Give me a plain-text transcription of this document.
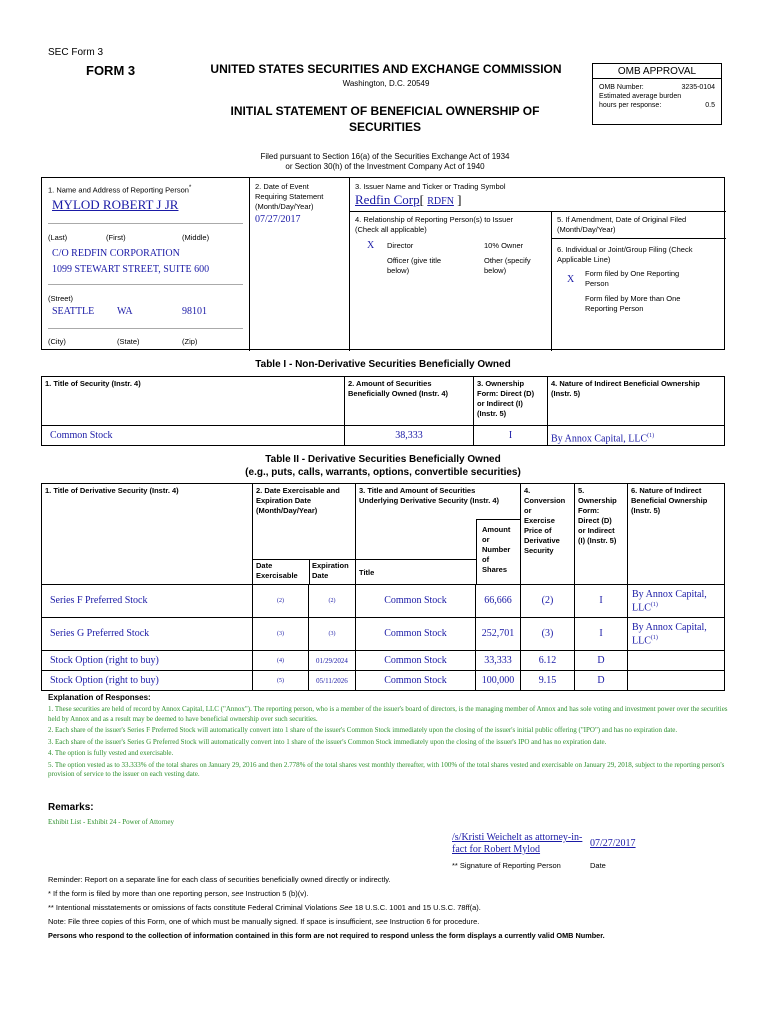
SEC Form 3
FORM 3	UNITED STATES SECURITIES AND EXCHANGE COMMISSION
Washington, D.C. 20549
INITIAL STATEMENT OF BENEFICIAL OWNERSHIP OF SECURITIES
OMB APPROVAL
OMB Number:	3235-0104
Estimated average burden
hours per response:	0.5
Filed pursuant to Section 16(a) of the Securities Exchange Act of 1934
or Section 30(h) of the Investment Company Act of 1940
1. Name and Address of Reporting Person*
MYLOD ROBERT J JR
(Last)	(First)	(Middle)
C/O REDFIN CORPORATION
1099 STEWART STREET, SUITE 600
(Street)
SEATTLE WA	98101
(City)	(State)	(Zip)
2. Date of Event
Requiring Statement
(Month/Day/Year)
07/27/2017
3. Issuer Name and Ticker or Trading Symbol
Redfin Corp[ RDFN ]
4. Relationship of Reporting Person(s) to Issuer
(Check all applicable)
X Director	10% Owner
Officer (give title
below)
Other (specify
below)
5. If Amendment, Date of Original Filed
(Month/Day/Year)
6. Individual or Joint/Group Filing (Check
Applicable Line)
X
Form filed by One Reporting
Person
Form filed by More than One
Reporting Person
Table I - Non-Derivative Securities Beneficially Owned
1. Title of Security (Instr. 4)	2. Amount of Securities
Beneficially Owned (Instr. 4)
3. Ownership
Form: Direct (D)
or Indirect (I)
(Instr. 5)
4. Nature of Indirect Beneficial Ownership
(Instr. 5)
Common Stock	38,333	I	By Annox Capital, LLC$^{(1)}$
Table II - Derivative Securities Beneficially Owned
(e.g., puts, calls, warrants, options, convertible securities)
1. Title of Derivative Security (Instr. 4)	2. Date Exercisable and
Expiration Date
(Month/Day/Year)
Date
Exercisable
Expiration
Date
3. Title and Amount of Securities
Underlying Derivative Security (Instr. 4)
Title
Amount
or
Number
of
Shares
4.
Conversion
or
Exercise
Price of
Derivative
Security
5.
Ownership
Form:
Direct (D)
or Indirect
(I) (Instr. 5)
6. Nature of Indirect
Beneficial Ownership
(Instr. 5)
Series F Preferred Stock	(2)	(2)	Common Stock	66,666	(2)	I
By Annox Capital,
LLC$^{(1)}$
Series G Preferred Stock	(3)	(3)	Common Stock	252,701	(3)	I
By Annox Capital,
LLC$^{(1)}$
Stock Option (right to buy)	(4)	01/29/2024	Common Stock	33,333	6.12	D
Stock Option (right to buy)	(5)	05/11/2026	Common Stock	100,000	9.15	D
Explanation of Responses:
1. These securities are held of record by Annox Capital, LLC ("Annox"). The reporting person, who is a member of the issuer's board of directors, is the managing member of Annox and has sole voting and investment power over the securities held by Annox and as a result may be deemed to have beneficial ownership over such securities.
2. Each share of the issuer's Series F Preferred Stock will automatically convert into 1 share of the issuer's Common Stock immediately upon the closing of the issuer's initial public offering ("IPO") and has no expiration date.
3. Each share of the issuer's Series G Preferred Stock will automatically convert into 1 share of the issuer's Common Stock immediately upon the closing of the issuer's IPO and has no expiration date.
4. The option is fully vested and exercisable.
5. The option vested as to 33.333% of the total shares on January 29, 2016 and then 2.778% of the total shares vest monthly thereafter, with 100% of the total shares vested and exercisable on January 29, 2018, subject to the reporting person's provision of service to the issuer on each vesting date.
Remarks:
Exhibit List - Exhibit 24 - Power of Attorney
/s/Kristi Weichelt as attorney-in-fact for Robert Mylod
07/27/2017
** Signature of Reporting Person	Date
Reminder: Report on a separate line for each class of securities beneficially owned directly or indirectly.
* If the form is filed by more than one reporting person, see Instruction 5 (b)(v).
** Intentional misstatements or omissions of facts constitute Federal Criminal Violations See 18 U.S.C. 1001 and 15 U.S.C. 78ff(a).
Note: File three copies of this Form, one of which must be manually signed. If space is insufficient, see Instruction 6 for procedure.
Persons who respond to the collection of information contained in this form are not required to respond unless the form displays a currently valid OMB Number.
